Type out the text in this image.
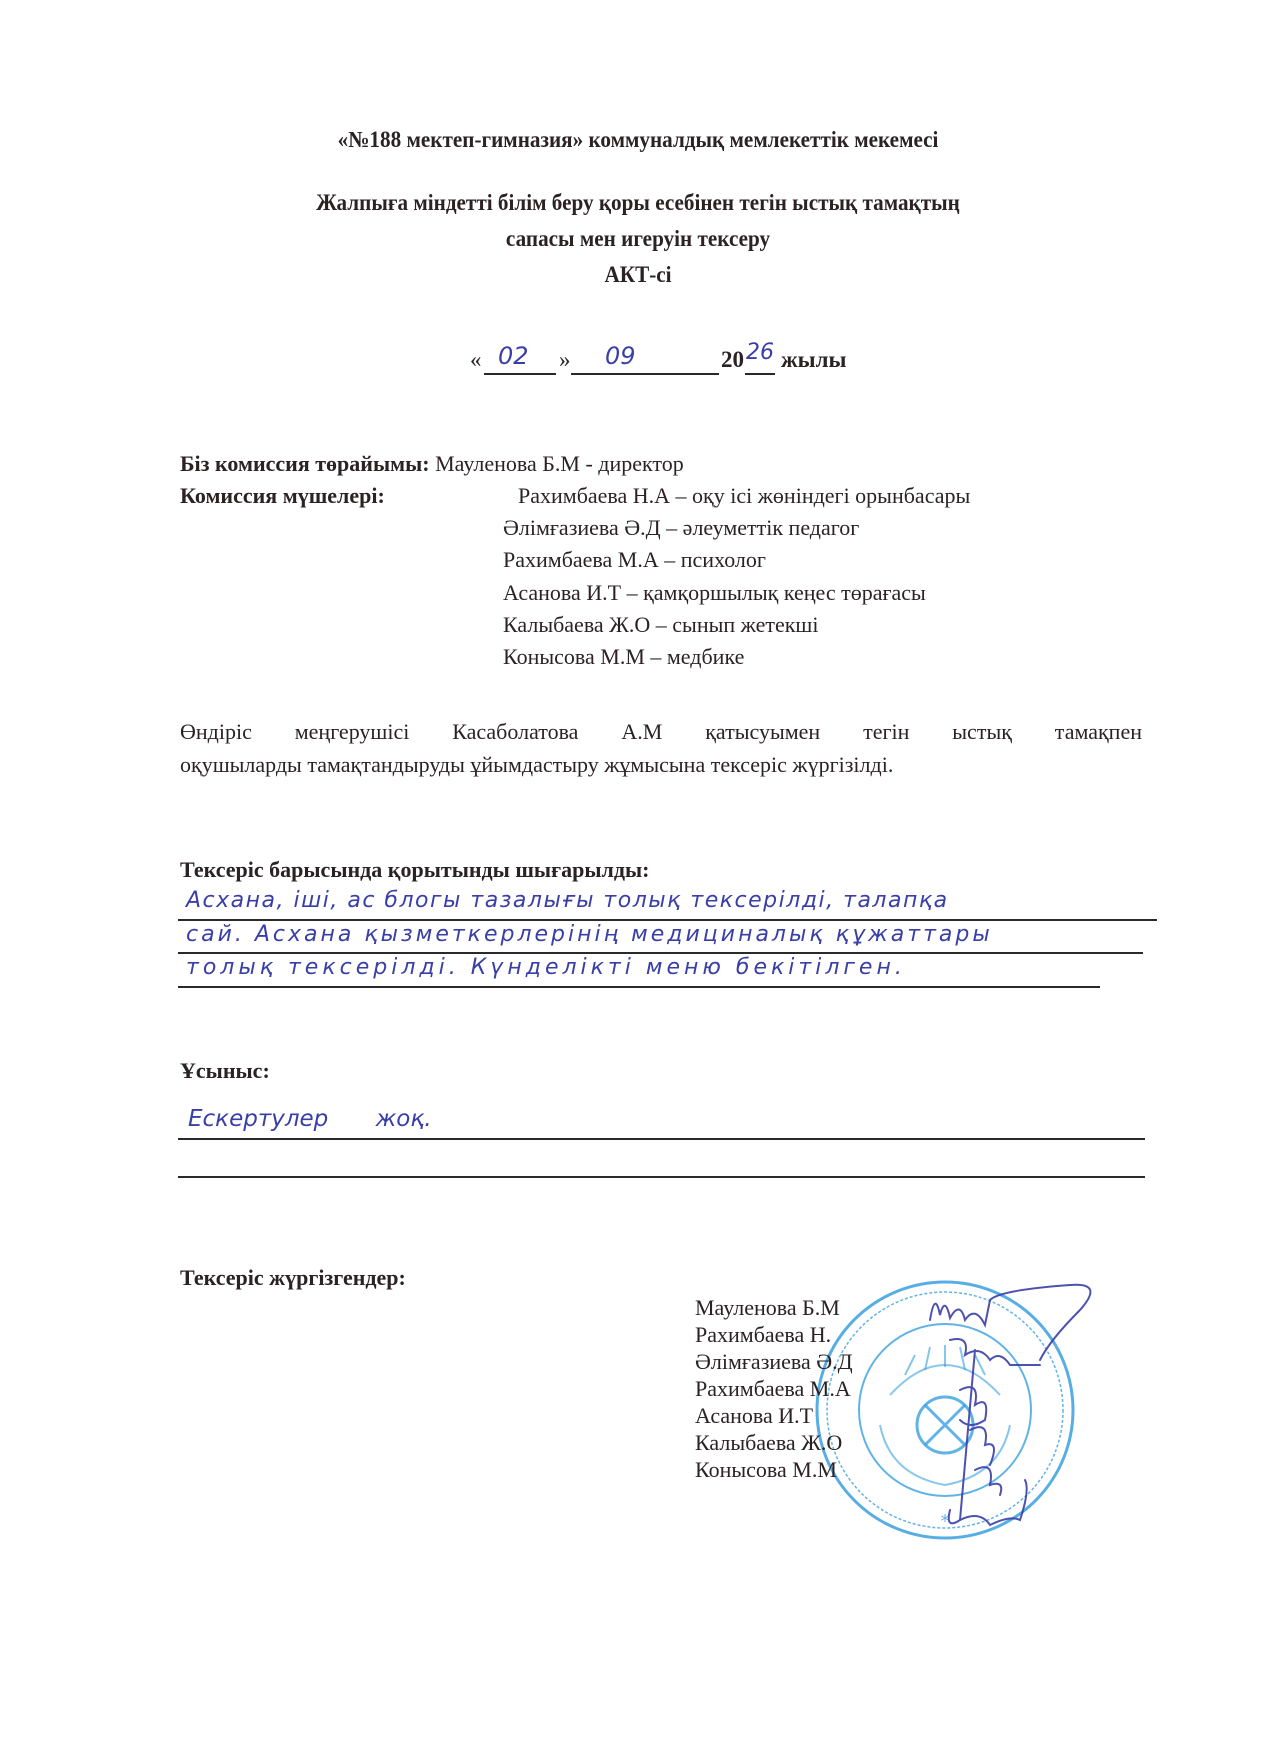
«№188 мектеп-гимназия» коммуналдық мемлекеттік мекемесі
Жалпыға міндетті білім беру қоры есебінен тегін ыстық тамақтың
сапасы мен игеруін тексеру
АКТ-сі
« 02 » 09	20 26 жылы
Біз комиссия төрайымы: Мауленова Б.М - директор
Комиссия мүшелері:	Рахимбаева Н.А – оқу ісі жөніндегі орынбасары
Әлімғазиева Ә.Д – әлеуметтік педагог
Рахимбаева М.А – психолог
Асанова И.Т – қамқоршылық кеңес төрағасы
Калыбаева Ж.О – сынып жетекші
Конысова М.М – медбике
Өндіріс меңгерушісі Касаболатова А.М қатысуымен тегін ыстық тамақпен
оқушыларды тамақтандыруды ұйымдастыру жұмысына тексеріс жүргізілді.
Тексеріс барысында қорытынды шығарылды:
Асхана, іші, ас блогы тазалығы толық тексерілді, талапқа
сай. Асхана қызметкерлерінің медициналық құжаттары
толық тексерілді. Күнделікті меню бекітілген.
Ұсыныс:
Ескертулер жоқ.
Тексеріс жүргізгендер:
*
Мауленова Б.М
Рахимбаева Н.
Әлімғазиева Ә.Д
Рахимбаева М.А
Асанова И.Т
Калыбаева Ж.О
Конысова М.М
